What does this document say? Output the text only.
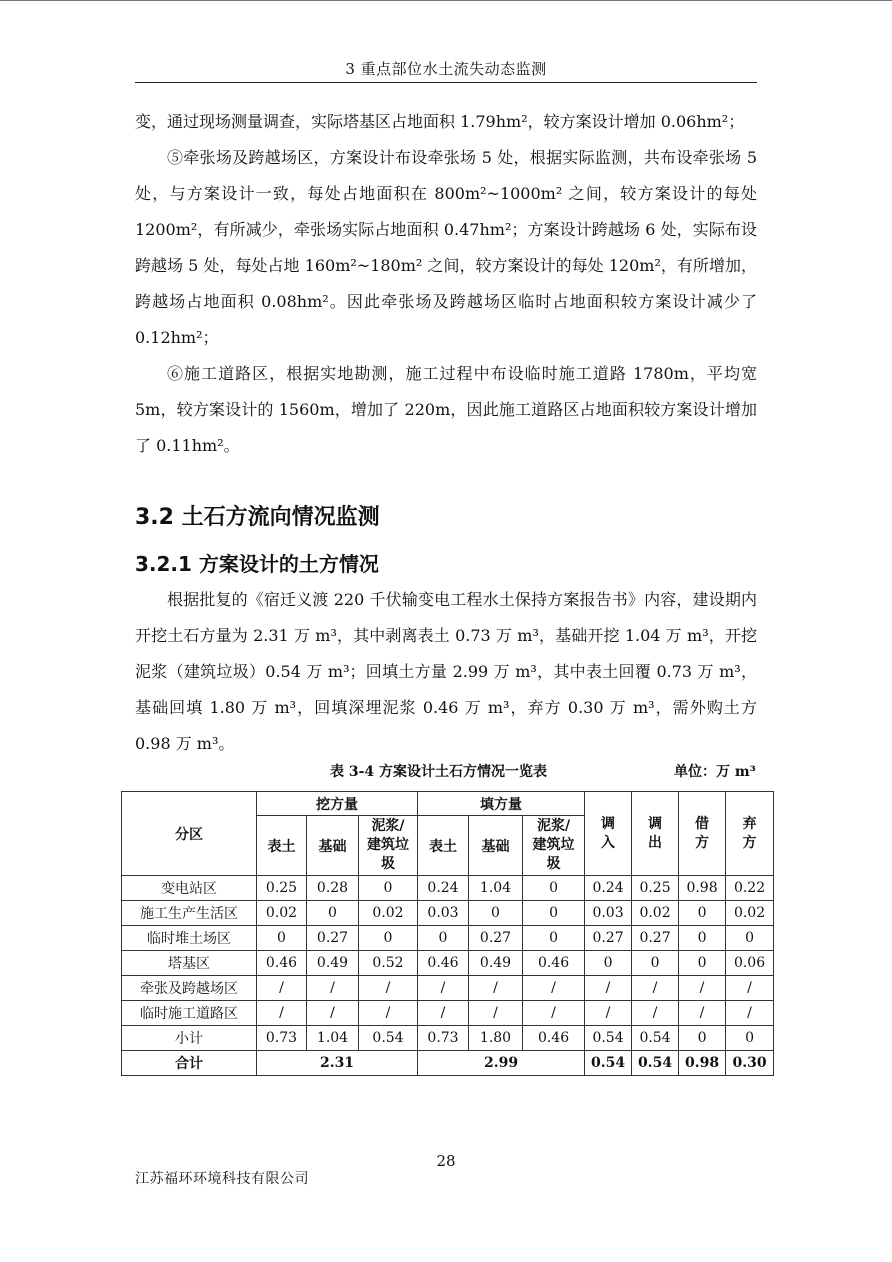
3 重点部位水土流失动态监测

变，通过现场测量调查，实际塔基区占地面积 1.79hm²，较方案设计增加 0.06hm²；

⑤牵张场及跨越场区，方案设计布设牵张场 5 处，根据实际监测，共布设牵张场 5 处，与方案设计一致，每处占地面积在 800m²~1000m² 之间，较方案设计的每处 1200m²，有所减少，牵张场实际占地面积 0.47hm²；方案设计跨越场 6 处，实际布设跨越场 5 处，每处占地 160m²~180m² 之间，较方案设计的每处 120m²，有所增加，跨越场占地面积 0.08hm²。因此牵张场及跨越场区临时占地面积较方案设计减少了 0.12hm²；

⑥施工道路区，根据实地勘测，施工过程中布设临时施工道路 1780m，平均宽 5m，较方案设计的 1560m，增加了 220m，因此施工道路区占地面积较方案设计增加了 0.11hm²。

3.2 土石方流向情况监测
3.2.1 方案设计的土方情况

根据批复的《宿迁义渡 220 千伏输变电工程水土保持方案报告书》内容，建设期内开挖土石方量为 2.31 万 m³，其中剥离表土 0.73 万 m³，基础开挖 1.04 万 m³，开挖泥浆（建筑垃圾）0.54 万 m³；回填土方量 2.99 万 m³，其中表土回覆 0.73 万 m³，基础回填 1.80 万 m³，回填深埋泥浆 0.46 万 m³，弃方 0.30 万 m³，需外购土方 0.98 万 m³。

表 3-4 方案设计土石方情况一览表	单位：万 m³
分区	挖方量			填方量			调入	调出	借方	弃方
	表土	基础	泥浆/建筑垃圾	表土	基础	泥浆/建筑垃圾				
变电站区	0.25	0.28	0	0.24	1.04	0	0.24	0.25	0.98	0.22
施工生产生活区	0.02	0	0.02	0.03	0	0	0.03	0.02	0	0.02
临时堆土场区	0	0.27	0	0	0.27	0	0.27	0.27	0	0
塔基区	0.46	0.49	0.52	0.46	0.49	0.46	0	0	0	0.06
牵张及跨越场区	/	/	/	/	/	/	/	/	/	/
临时施工道路区	/	/	/	/	/	/	/	/	/	/
小计	0.73	1.04	0.54	0.73	1.80	0.46	0.54	0.54	0	0
合计	2.31			2.99			0.54	0.54	0.98	0.30
28
江苏福环环境科技有限公司
